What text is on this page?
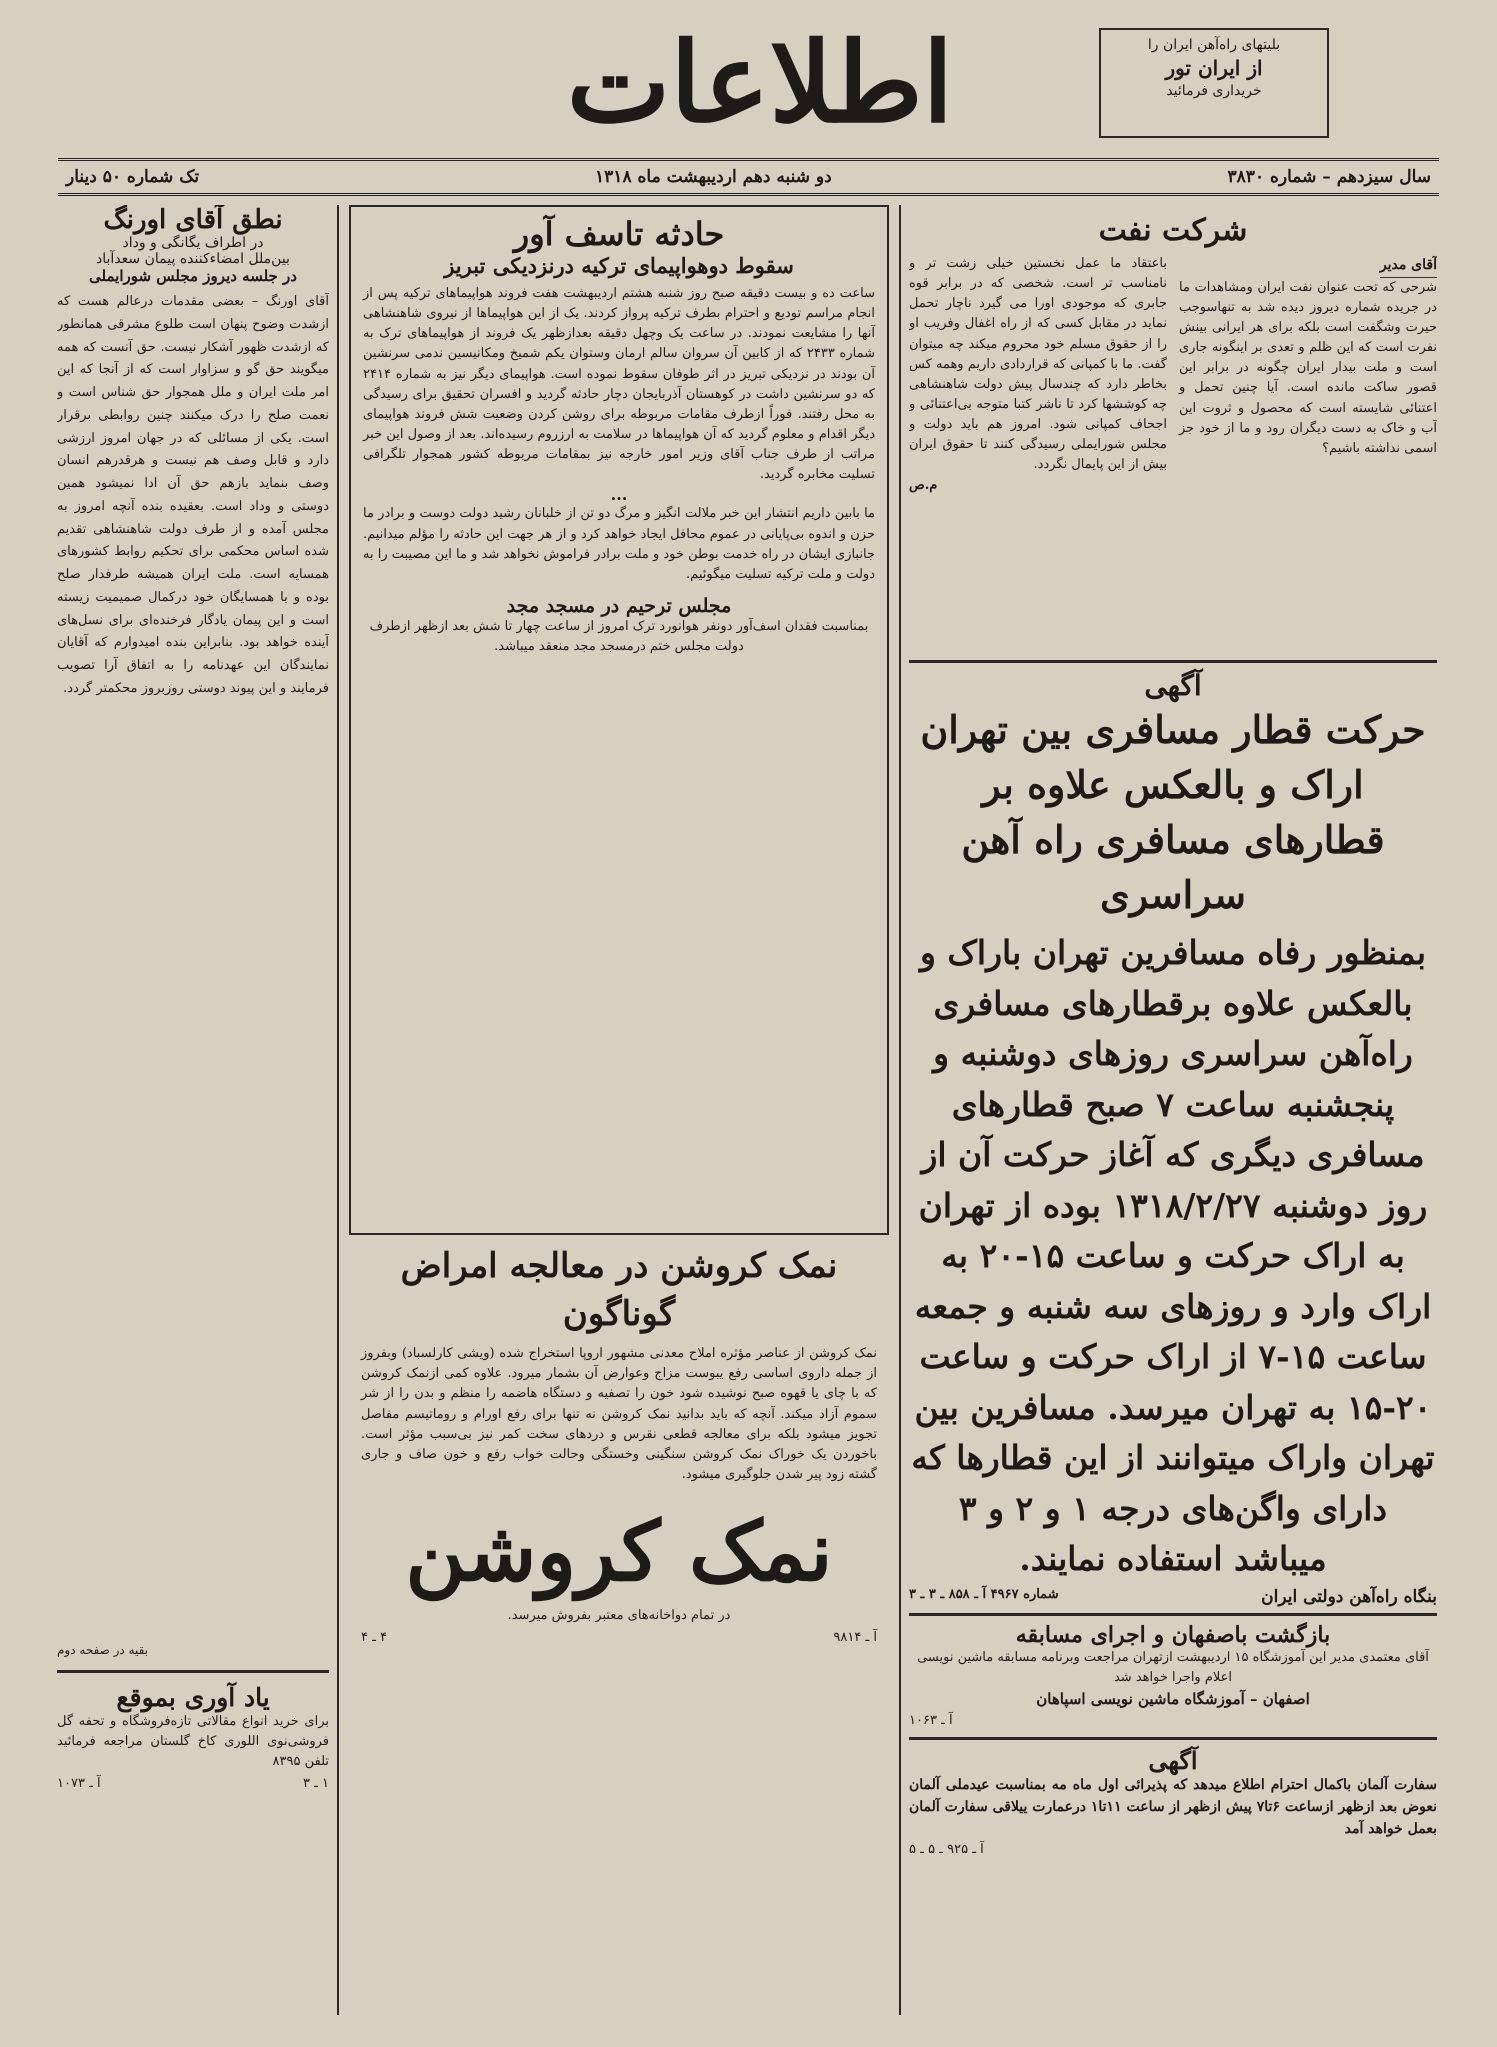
اطلاعات	بلیتهای راه‌آهن ایران را
از ایران تور
خریداری فرمائید
سال سیزدهم – شماره ۳۸۳۰
دو شنبه دهم اردیبهشت ماه ۱۳۱۸
تک شماره ۵۰ دینار
شرکت نفت
آقای مدیر
شرحی که تحت عنوان نفت ایران ومشاهدات ما در جریده شماره دیروز دیده شد به تنهاسوجب حیرت وشگفت است بلکه برای هر ایرانی بینش نفرت است که این ظلم و تعدی بر اینگونه جاری است و ملت بیدار ایران چگونه در برابر این قصور ساکت مانده است. آیا چنین تحمل و اعتنائی شایسته است که محصول و ثروت این آب و خاک به دست دیگران رود و ما از خود جز اسمی نداشته باشیم؟
باعتقاد ما عمل نخستین خیلی زشت تر و نامناسب تر است. شخصی که در برابر قوه جابری که موجودی اورا می گیرد ناچار تحمل نماید در مقابل کسی که از راه اغفال وفریب او را از حقوق مسلم خود محروم میکند چه میتوان گفت. ما با کمپانی که قراردادی داریم وهمه کس بخاطر دارد که چندسال پیش دولت شاهنشاهی چه کوششها کرد تا ناشر کتبا متوجه بی‌اعتنائی و اجحاف کمپانی شود. امروز هم باید دولت و مجلس شورایملی رسیدگی کنند تا حقوق ایران بیش از این پایمال نگردد.
م.ص
آگهی
حرکت قطار مسافری بین تهران اراک و بالعکس علاوه بر قطارهای مسافری راه آهن سراسری
بمنظور رفاه مسافرین تهران باراک و بالعکس علاوه برقطارهای مسافری راه‌آهن سراسری روزهای دوشنبه و پنجشنبه ساعت ۷ صبح قطارهای مسافری دیگری که آغاز حرکت آن از روز دوشنبه ۱۳۱۸/۲/۲۷ بوده از تهران به اراک حرکت و ساعت ۱۵-۲۰ به اراک وارد و روزهای سه شنبه و جمعه ساعت ۱۵-۷ از اراک حرکت و ساعت ۲۰-۱۵ به تهران میرسد. مسافرین بین تهران واراک میتوانند از این قطارها که دارای واگن‌های درجه ۱ و ۲ و ۳ میباشد استفاده نمایند.
بنگاه راه‌آهن دولتی ایران
شماره ۴۹۶۷ آ ـ ۸۵۸ ـ ۳ ـ ۳
بازگشت باصفهان و اجرای مسابقه
آقای معتمدی مدیر این آموزشگاه ۱۵ اردیبهشت ازتهران مراجعت وبرنامه مسابقه ماشین نویسی اعلام واجرا خواهد شد
اصفهان – آموزشگاه ماشین نویسی اسپاهان
آ ـ ۱۰۶۳
آگهی
سفارت آلمان باکمال احترام اطلاع میدهد که پذیرائی اول ماه مه بمناسبت عیدملی آلمان نعوض بعد ازظهر ازساعت ۶تا۷ پیش ازظهر از ساعت ۱۱تا۱ درعمارت ییلاقی سفارت آلمان بعمل خواهد آمد
آ ـ ۹۲۵ ـ ۵ ـ ۵
حادثه تاسف آور
سقوط دوهواپیمای ترکیه درنزدیکی تبریز
ساعت ده و بیست دقیقه صبح روز شنبه هشتم اردیبهشت هفت فروند هواپیماهای ترکیه پس از انجام مراسم تودیع و احترام بطرف ترکیه پرواز کردند. یک از این هواپیماها از نیروی شاهنشاهی آنها را مشایعت نمودند. در ساعت یک وچهل دقیقه بعدازظهر یک فروند از هواپیماهای ترک به شماره ۲۴۳۳ که از کابین آن سروان سالم ارمان وستوان یکم شمیخ ومکانیسین ندمی سرنشین آن بودند در نزدیکی تبریز در اثر طوفان سقوط نموده است. هواپیمای دیگر نیز به شماره ۲۴۱۴ که دو سرنشین داشت در کوهستان آذربایجان دچار حادثه گردید و افسران تحقیق برای رسیدگی به محل رفتند. فوراً ازطرف مقامات مربوطه برای روشن کردن وضعیت شش فروند هواپیمای دیگر اقدام و معلوم گردید که آن هواپیماها در سلامت به ارزروم رسیده‌اند. بعد از وصول این خبر مراتب از طرف جناب آقای وزیر امور خارجه نیز بمقامات مربوطه کشور همجوار تلگرافی تسلیت مخابره گردید.
...
ما بابین داریم انتشار این خبر ملالت انگیز و مرگ دو تن از خلبانان رشید دولت دوست و برادر ما حزن و اندوه بی‌پایانی در عموم محافل ایجاد خواهد کرد و از هر جهت این حادثه را مؤلم میدانیم. جانبازی ایشان در راه خدمت بوطن خود و ملت برادر فراموش نخواهد شد و ما این مصیبت را به دولت و ملت ترکیه تسلیت میگوئیم.
مجلس ترحیم در مسجد مجد
بمناسبت فقدان اسف‌آور دونفر هوانورد ترک امروز از ساعت چهار تا شش بعد ازظهر ازطرف دولت مجلس ختم درمسجد مجد منعقد میباشد.
نمک کروشن در معالجه امراض گوناگون
نمک کروشن از عناصر مؤثره املاح معدنی مشهور اروپا استخراج شده (ویشی کارلسباد) وبفروز از جمله داروی اساسی رفع یبوست مزاج وعوارض آن بشمار میرود. علاوه کمی ازنمک کروشن که با چای یا قهوه صبح نوشیده شود خون را تصفیه و دستگاه هاضمه را منظم و بدن را از شر سموم آزاد میکند. آنچه که باید بدانید نمک کروشن نه تنها برای رفع اورام و روماتیسم مفاصل تجویز میشود بلکه برای معالجه قطعی نقرس و دردهای سخت کمر نیز بی‌سبب مؤثر است. باخوردن یک خوراک نمک کروشن سنگینی وخستگی وحالت خواب رفع و خون صاف و جاری گشته زود پیر شدن جلوگیری میشود.
نمک کروشن
در تمام دواخانه‌های معتبر بفروش میرسد.
آ ـ ۹۸۱۴
۴ ـ ۴
نطق آقای اورنگ
در اطراف یگانگی و وداد
بین‌ملل امضاءکننده پیمان سعدآباد
در جلسه دیروز مجلس شورایملی
آقای اورنگ – بعضی مقدمات درعالم هست که ازشدت وضوح پنهان است طلوع مشرقی همانطور که ازشدت ظهور آشکار نیست. حق آنست که همه میگویند حق گو و سزاوار است که از آنجا که این امر ملت ایران و ملل همجوار حق شناس است و نعمت صلح را درک میکنند چنین روابطی برقرار است. یکی از مسائلی که در جهان امروز ارزشی دارد و قابل وصف هم نیست و هرقدرهم انسان وصف بنماید بازهم حق آن ادا نمیشود همین دوستی و وداد است. بعقیده بنده آنچه امروز به مجلس آمده و از طرف دولت شاهنشاهی تقدیم شده اساس محکمی برای تحکیم روابط کشورهای همسایه است. ملت ایران همیشه طرفدار صلح بوده و با همسایگان خود درکمال صمیمیت زیسته است و این پیمان یادگار فرخنده‌ای برای نسل‌های آینده خواهد بود. بنابراین بنده امیدوارم که آقایان نمایندگان این عهدنامه را به اتفاق آرا تصویب فرمایند و این پیوند دوستی روزبروز محکمتر گردد.
بقیه در صفحه دوم
یاد آوری بموقع
برای خرید انواع مقالاتی تازه‌فروشگاه و تحفه گل فروشی‌نوی اللوری کاخ گلستان مراجعه فرمائید تلفن ۸۳۹۵
۱ ـ ۳
آ ـ ۱۰۷۳
